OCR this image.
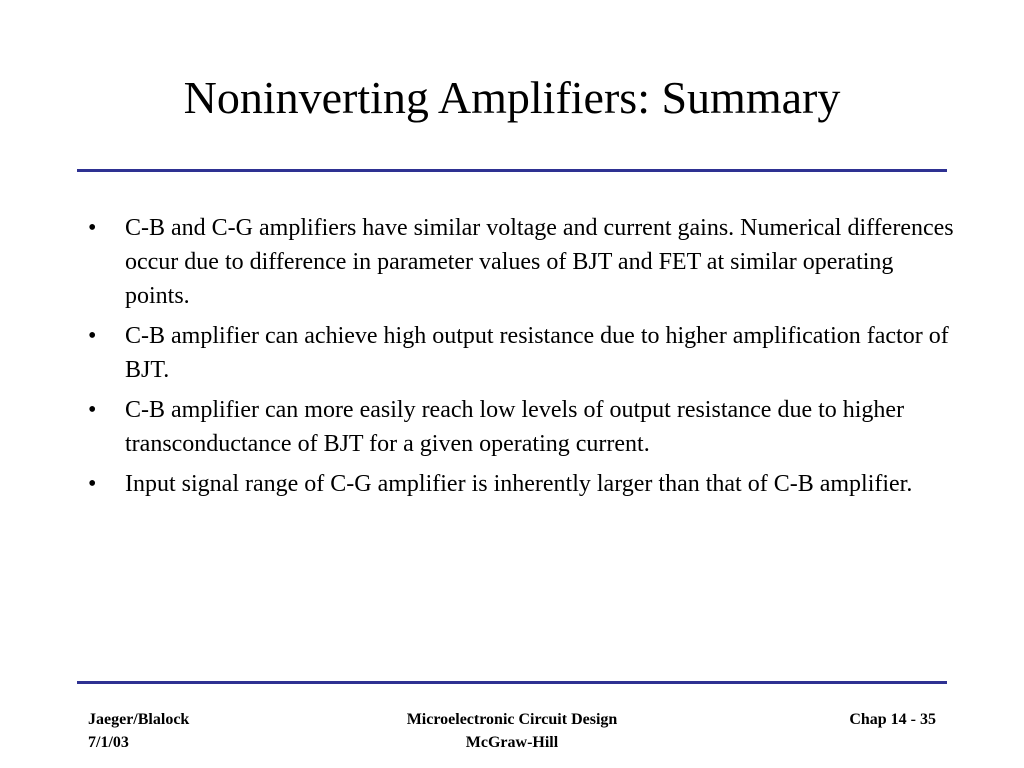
Noninverting Amplifiers: Summary
• C-B and C-G amplifiers have similar voltage and current gains. Numerical differences occur due to difference in parameter values of BJT and FET at similar operating points.
• C-B amplifier can achieve high output resistance due to higher amplification factor of BJT.
• C-B amplifier can more easily reach low levels of output resistance due to higher transconductance of BJT for a given operating current.
• Input signal range of C-G amplifier is inherently larger than that of C-B amplifier.
Jaeger/Blalock
7/1/03
Microelectronic Circuit Design
McGraw-Hill
Chap 14 - 35
